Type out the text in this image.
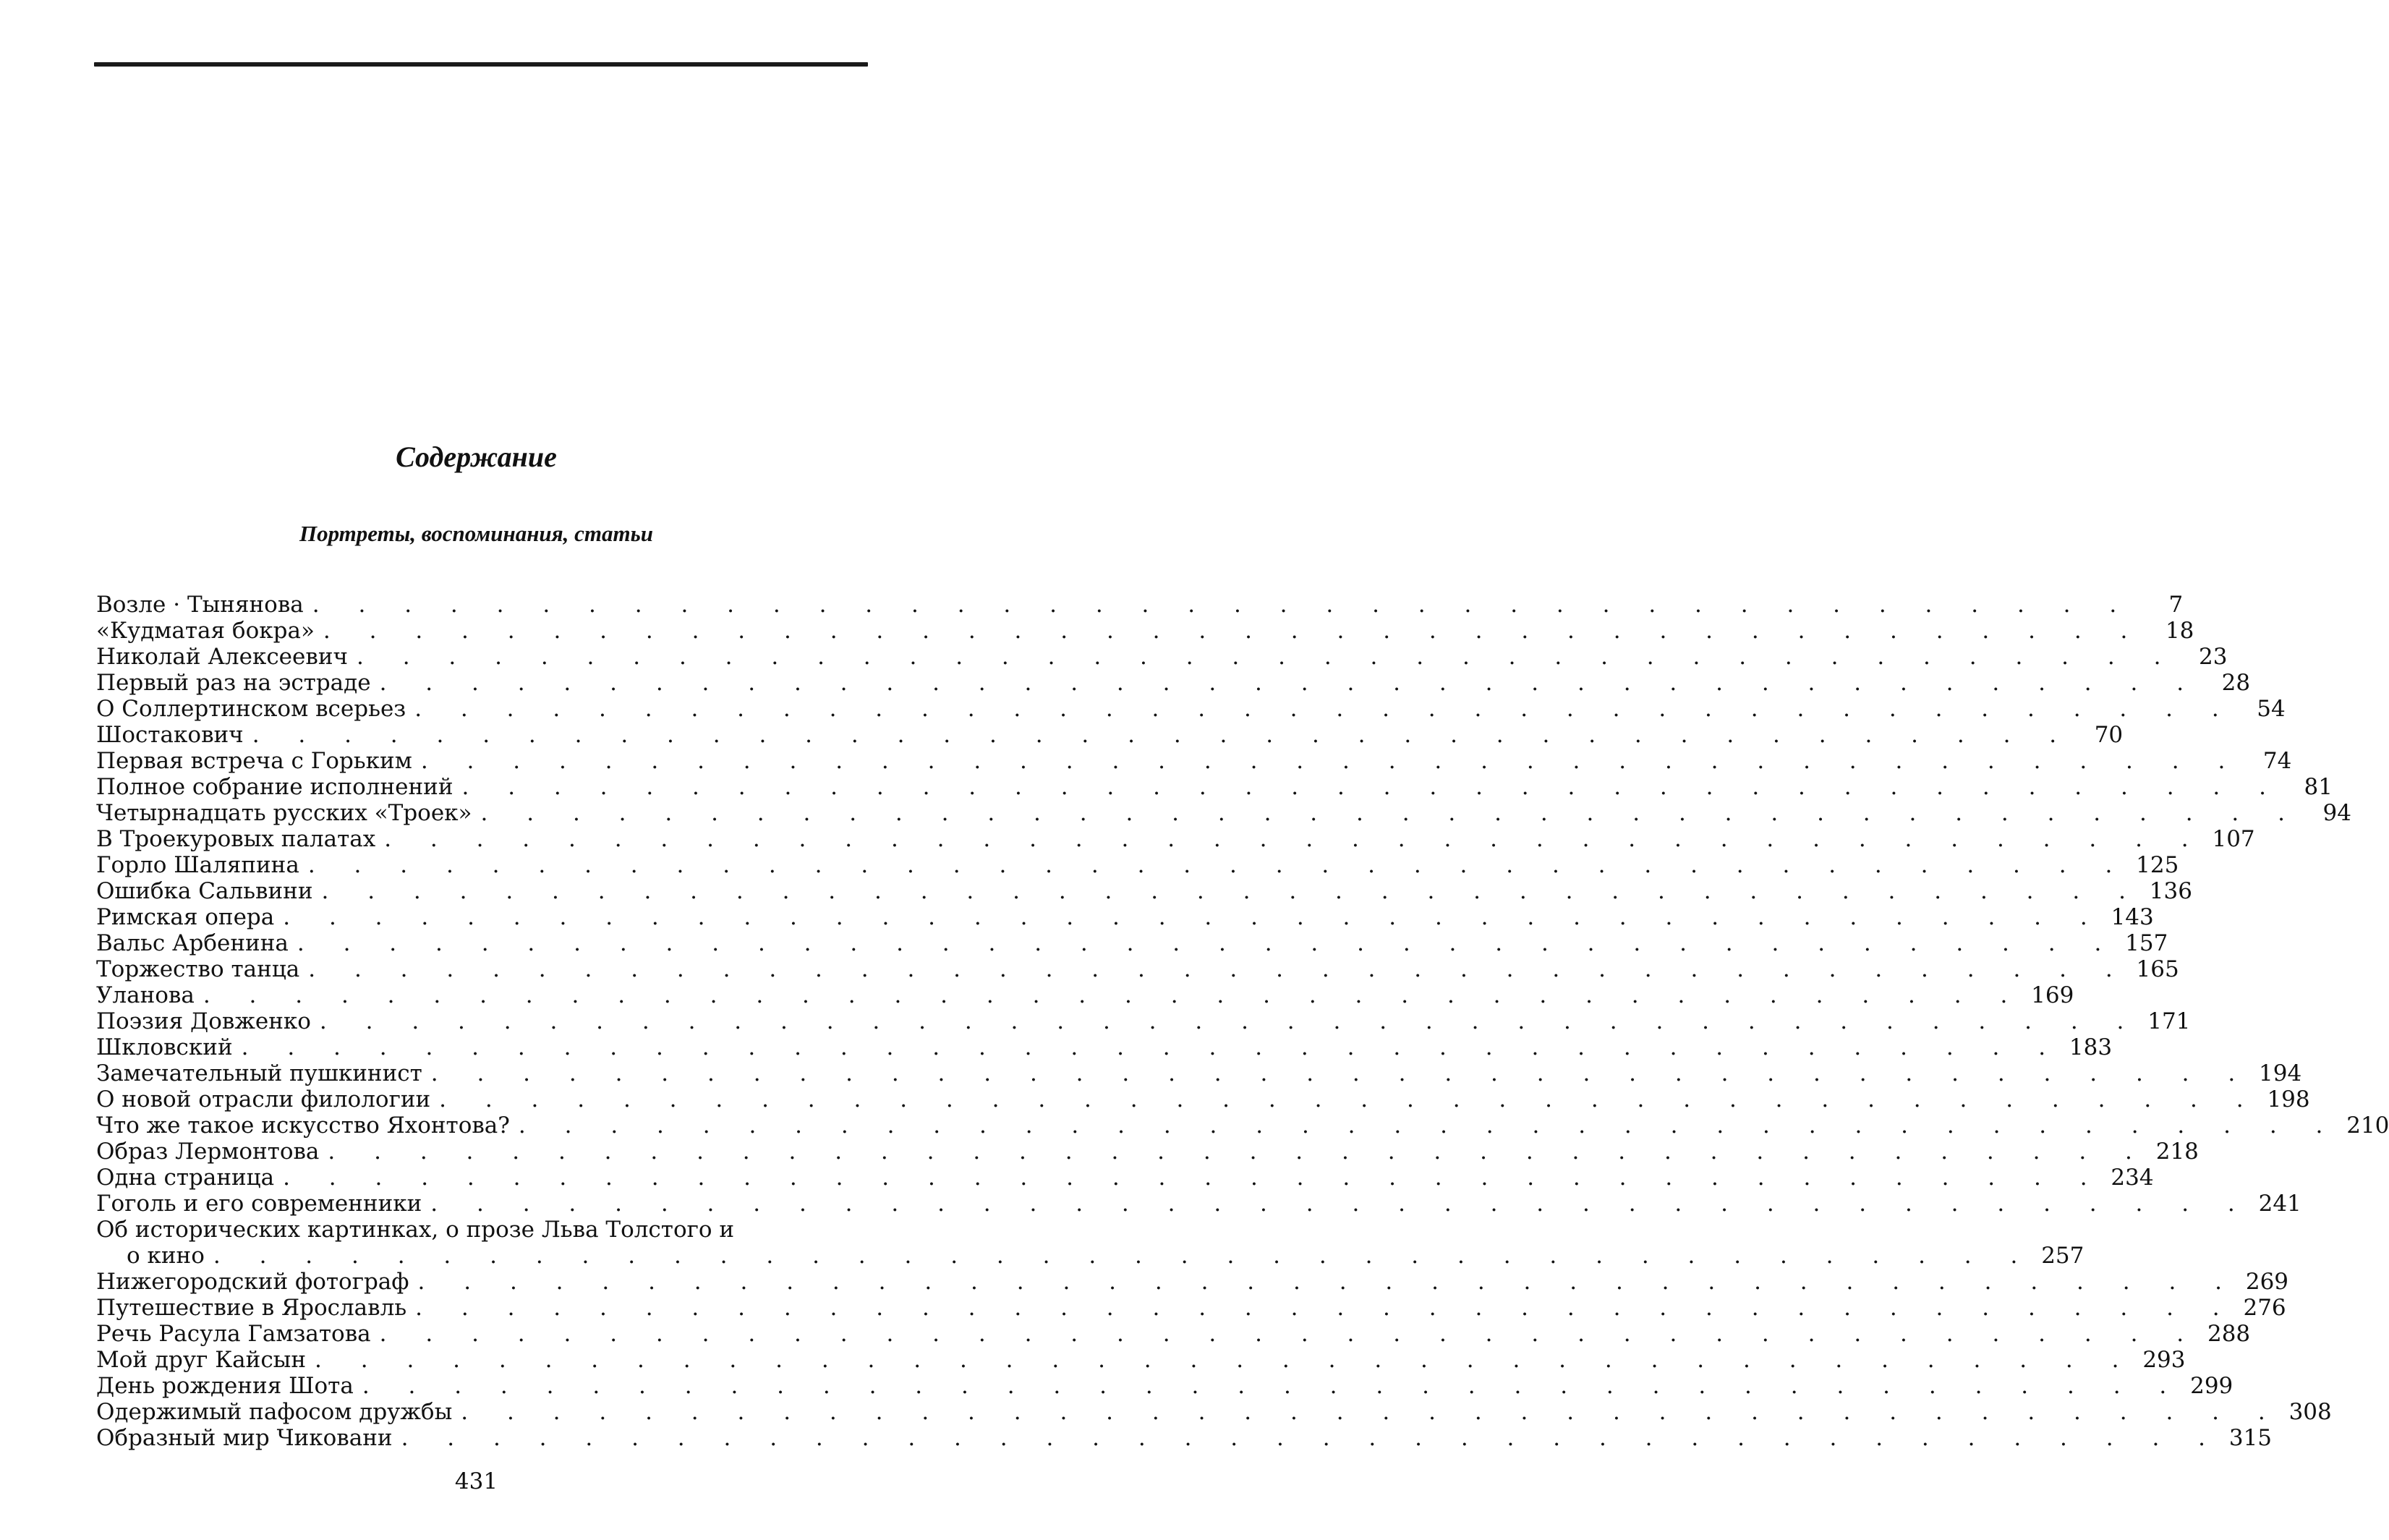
Содержание
Портреты, воспоминания, статьи
Возле · Тынянова . . . . . . . . . . . . . . . . . . . . . . . . . . . . . . . . . . . . . . . .	7
«Кудматая бокра» . . . . . . . . . . . . . . . . . . . . . . . . . . . . . . . . . . . . . . . . 18
Николай Алексеевич . . . . . . . . . . . . . . . . . . . . . . . . . . . . . . . . . . . . . . . . 23
Первый раз на эстраде . . . . . . . . . . . . . . . . . . . . . . . . . . . . . . . . . . . . . . . . 28
О Соллертинском всерьез . . . . . . . . . . . . . . . . . . . . . . . . . . . . . . . . . . . . . . . . 54
Шостакович . . . . . . . . . . . . . . . . . . . . . . . . . . . . . . . . . . . . . . . . 70
Первая встреча с Горьким . . . . . . . . . . . . . . . . . . . . . . . . . . . . . . . . . . . . . . . . 74
Полное собрание исполнений . . . . . . . . . . . . . . . . . . . . . . . . . . . . . . . . . . . . . . . . 81
Четырнадцать русских «Троек» . . . . . . . . . . . . . . . . . . . . . . . . . . . . . . . . . . . . . . . . 94
В Троекуровых палатах . . . . . . . . . . . . . . . . . . . . . . . . . . . . . . . . . . . . . . . . 107
Горло Шаляпина . . . . . . . . . . . . . . . . . . . . . . . . . . . . . . . . . . . . . . . . 125
Ошибка Сальвини . . . . . . . . . . . . . . . . . . . . . . . . . . . . . . . . . . . . . . . . 136
Римская опера . . . . . . . . . . . . . . . . . . . . . . . . . . . . . . . . . . . . . . . . 143
Вальс Арбенина . . . . . . . . . . . . . . . . . . . . . . . . . . . . . . . . . . . . . . . . 157
Торжество танца . . . . . . . . . . . . . . . . . . . . . . . . . . . . . . . . . . . . . . . . 165
Уланова . . . . . . . . . . . . . . . . . . . . . . . . . . . . . . . . . . . . . . . . 169
Поэзия Довженко . . . . . . . . . . . . . . . . . . . . . . . . . . . . . . . . . . . . . . . . 171
Шкловский . . . . . . . . . . . . . . . . . . . . . . . . . . . . . . . . . . . . . . . . 183
Замечательный пушкинист . . . . . . . . . . . . . . . . . . . . . . . . . . . . . . . . . . . . . . . . 194
О новой отрасли филологии . . . . . . . . . . . . . . . . . . . . . . . . . . . . . . . . . . . . . . . . 198
Что же такое искусство Яхонтова? . . . . . . . . . . . . . . . . . . . . . . . . . . . . . . . . . . . . . . . . 210
Образ Лермонтова . . . . . . . . . . . . . . . . . . . . . . . . . . . . . . . . . . . . . . . . 218
Одна страница . . . . . . . . . . . . . . . . . . . . . . . . . . . . . . . . . . . . . . . . 234
Гоголь и его современники . . . . . . . . . . . . . . . . . . . . . . . . . . . . . . . . . . . . . . . . 241
Об исторических картинках, о прозе Льва Толстого и
о кино . . . . . . . . . . . . . . . . . . . . . . . . . . . . . . . . . . . . . . . . 257
Нижегородский фотограф . . . . . . . . . . . . . . . . . . . . . . . . . . . . . . . . . . . . . . . . 269
Путешествие в Ярославль . . . . . . . . . . . . . . . . . . . . . . . . . . . . . . . . . . . . . . . . 276
Речь Расула Гамзатова . . . . . . . . . . . . . . . . . . . . . . . . . . . . . . . . . . . . . . . . 288
Мой друг Кайсын . . . . . . . . . . . . . . . . . . . . . . . . . . . . . . . . . . . . . . . . 293
День рождения Шота . . . . . . . . . . . . . . . . . . . . . . . . . . . . . . . . . . . . . . . . 299
Одержимый пафосом дружбы . . . . . . . . . . . . . . . . . . . . . . . . . . . . . . . . . . . . . . . . 308
Образный мир Чиковани . . . . . . . . . . . . . . . . . . . . . . . . . . . . . . . . . . . . . . . . 315
431
